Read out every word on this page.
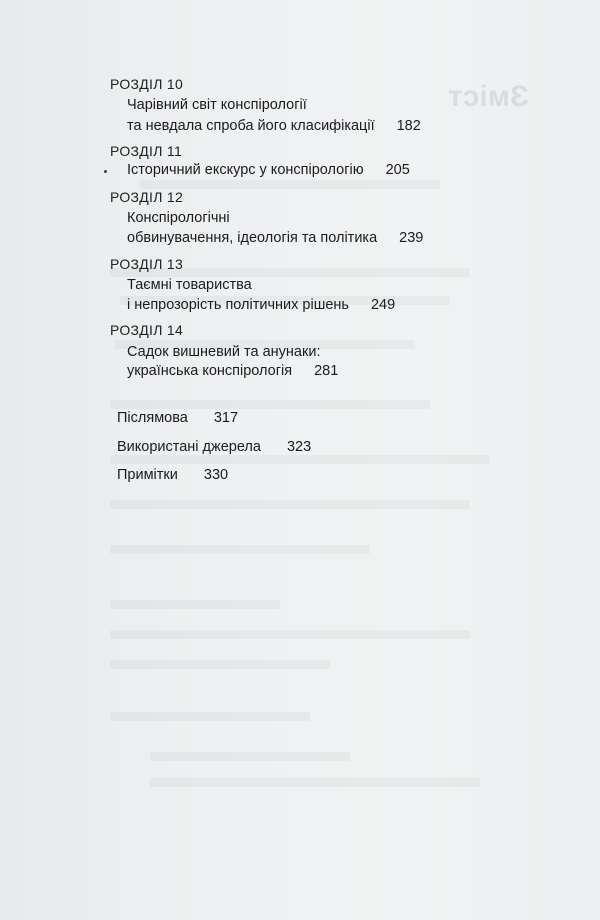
Зміст
РОЗДІЛ 10
Чарівний світ конспірології
та невдала спроба його класифікації 182
РОЗДІЛ 11
Історичний екскурс у конспірологію 205
РОЗДІЛ 12
Конспірологічні
обвинувачення, ідеологія та політика 239
РОЗДІЛ 13
Таємні товариства
і непрозорість політичних рішень 249
РОЗДІЛ 14
Садок вишневий та анунаки:
українська конспірологія 281
Післямова 317
Використані джерела 323
Примітки 330
